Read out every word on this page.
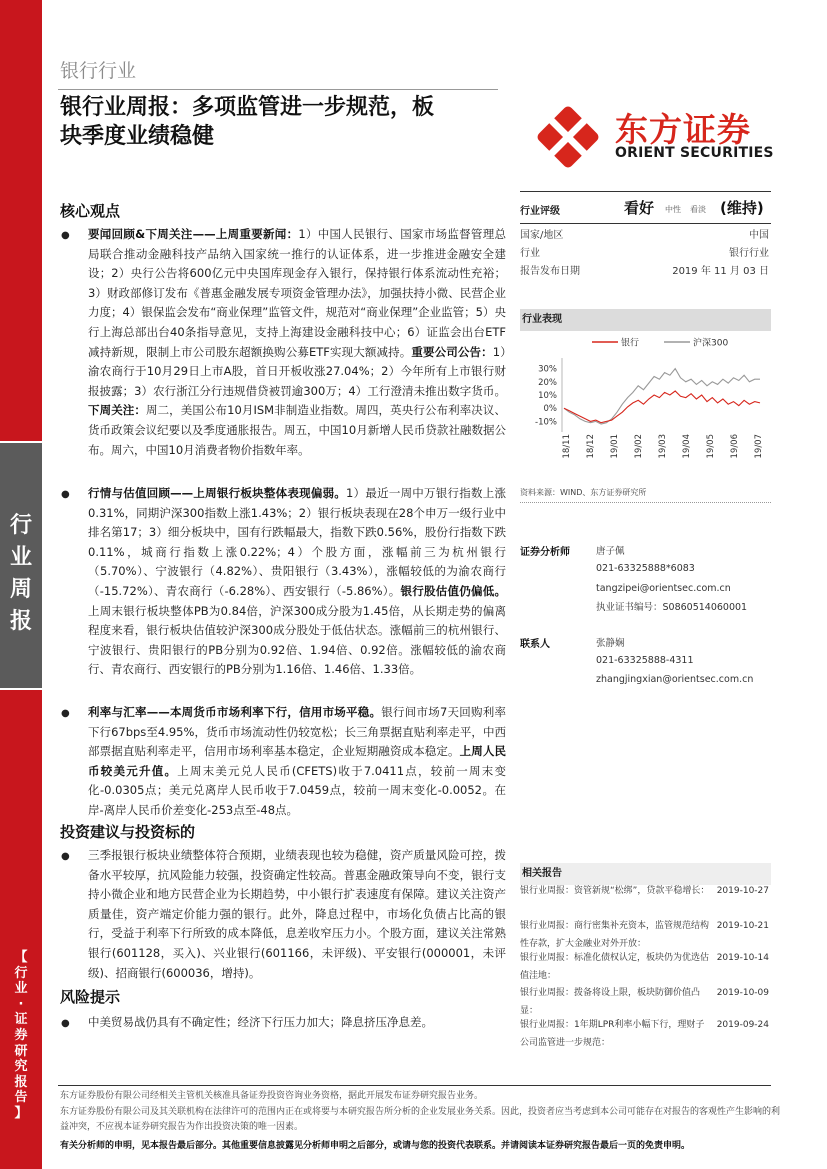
行
业
周
报
【
行
业
·
证
券
研
究
报
告
】
银行行业
银行业周报：多项监管进一步规范，板
块季度业绩稳健	东方证券
ORIENT SECURITIES
核心观点
● 要闻回顾&下周关注——上周重要新闻：1）中国人民银行、国家市场监督管理总局联合推动金融科技产品纳入国家统一推行的认证体系，进一步推进金融安全建设；2）央行公告将600亿元中央国库现金存入银行，保持银行体系流动性充裕；3）财政部修订发布《普惠金融发展专项资金管理办法》，加强扶持小微、民营企业力度；4）银保监会发布“商业保理”监管文件，规范对“商业保理”企业监管；5）央行上海总部出台40条指导意见，支持上海建设金融科技中心；6）证监会出台ETF减持新规，限制上市公司股东超额换购公募ETF实现大额减持。重要公司公告：1）渝农商行于10月29日上市A股，首日开板收涨27.04%；2）今年所有上市银行财报披露；3）农行浙江分行违规借贷被罚逾300万；4）工行澄清未推出数字货币。下周关注：周二，美国公布10月ISM非制造业指数。周四，英央行公布利率决议、货币政策会议纪要以及季度通胀报告。周五，中国10月新增人民币贷款社融数据公布。周六，中国10月消费者物价指数年率。
● 行情与估值回顾——上周银行板块整体表现偏弱。1）最近一周中万银行指数上涨0.31%，同期沪深300指数上涨1.43%；2）银行板块表现在28个申万一级行业中排名第17；3）细分板块中，国有行跌幅最大，指数下跌0.56%，股份行指数下跌0.11%，城商行指数上涨0.22%；4）个股方面，涨幅前三为杭州银行（5.70%）、宁波银行（4.82%）、贵阳银行（3.43%），涨幅较低的为渝农商行（-15.72%）、青农商行（-6.28%）、西安银行（-5.86%）。银行股估值仍偏低。上周末银行板块整体PB为0.84倍，沪深300成分股为1.45倍，从长期走势的偏离程度来看，银行板块估值较沪深300成分股处于低估状态。涨幅前三的杭州银行、宁波银行、贵阳银行的PB分别为0.92倍、1.94倍、0.92倍。涨幅较低的渝农商行、青农商行、西安银行的PB分别为1.16倍、1.46倍、1.33倍。
● 利率与汇率——本周货币市场利率下行，信用市场平稳。银行间市场7天回购利率下行67bps至4.95%，货币市场流动性仍较宽松；长三角票据直贴利率走平，中西部票据直贴利率走平，信用市场利率基本稳定，企业短期融资成本稳定。上周人民币较美元升值。上周末美元兑人民币(CFETS)收于7.0411点，较前一周末变化-0.0305点；美元兑离岸人民币收于7.0459点，较前一周末变化-0.0052。在岸-离岸人民币价差变化-253点至-48点。
投资建议与投资标的
● 三季报银行板块业绩整体符合预期，业绩表现也较为稳健，资产质量风险可控，拨备水平较厚，抗风险能力较强，投资确定性较高。普惠金融政策导向不变，银行支持小微企业和地方民营企业为长期趋势，中小银行扩表速度有保障。建议关注资产质量佳，资产端定价能力强的银行。此外，降息过程中，市场化负债占比高的银行，受益于利率下行所致的成本降低，息差收窄压力小。个股方面，建议关注常熟银行(601128，买入)、兴业银行(601166，未评级)、平安银行(000001，未评级)、招商银行(600036，增持)。
风险提示
● 中美贸易战仍具有不确定性；经济下行压力加大；降息挤压净息差。
行业评级	看好 中性 看淡 (维持)
国家/地区	中国
行业	银行行业
报告发布日期	2019 年 11 月 03 日
行业表现
银行	沪深300
30%
20%
10%
0%
-10%
18/11 18/12 19/01 19/02 19/03 19/04 19/05 19/06 19/07
资料来源：WIND、东方证券研究所
证券分析师	唐子佩
021-63325888*6083
tangzipei@orientsec.com.cn
执业证书编号：S0860514060001
联系人	张静娴
021-63325888-4311
zhangjingxian@orientsec.com.cn
相关报告
银行业周报：资管新规“松绑”，贷款平稳增长： 2019-10-27
银行业周报：商行密集补充资本，监管规范结构性存款，扩大金融业对外开放：
2019-10-21
银行业周报：标准化债权认定，板块仍为优选估值洼地：
2019-10-14
银行业周报：拨备将设上限，板块防御价值凸显：
2019-10-09
银行业周报：1年期LPR利率小幅下行，理财子公司监管进一步规范：
2019-09-24
东方证券股份有限公司经相关主管机关核准具备证券投资咨询业务资格，据此开展发布证券研究报告业务。
东方证券股份有限公司及其关联机构在法律许可的范围内正在或将要与本研究报告所分析的企业发展业务关系。因此，投资者应当考虑到本公司可能存在对报告的客观性产生影响的利益冲突，不应视本证券研究报告为作出投资决策的唯一因素。
有关分析师的申明，见本报告最后部分。其他重要信息披露见分析师申明之后部分，或请与您的投资代表联系。并请阅读本证券研究报告最后一页的免责申明。
